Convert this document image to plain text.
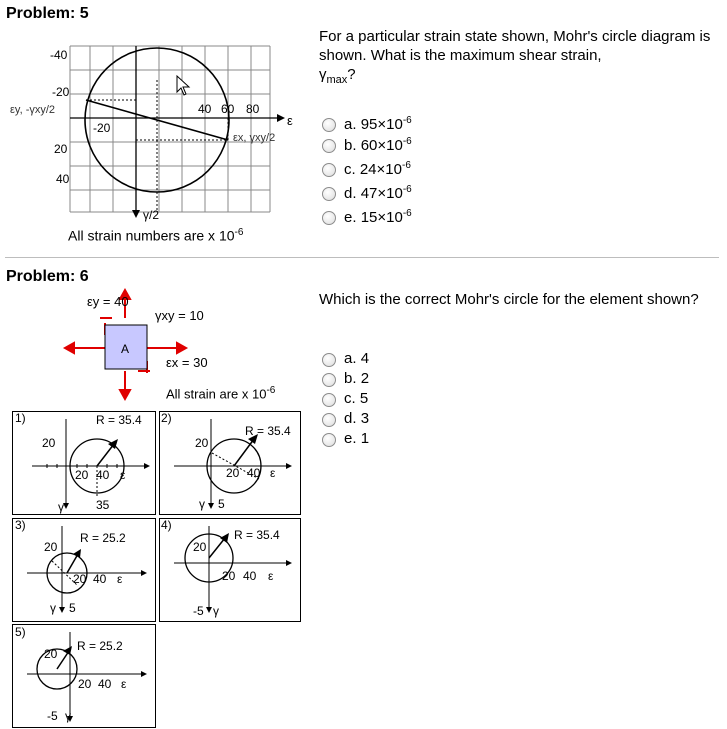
Problem: 5
-40
-20
20
40
-20
40 60 80
ε
εy, -γxy/2
εx, γxy/2
γ/2
All strain numbers are x $10^{-6}$
For a particular strain state shown, Mohr's circle diagram is shown. What is the maximum shear strain,
$\gamma_{max}$?
a. $95\times 10^{-6}$
b. $60\times 10^{-6}$
c. $24\times 10^{-6}$
d. $47\times 10^{-6}$
e. $15\times 10^{-6}$
Problem: 6
A
εy = 40
γxy = 10
εx = 30
All strain are x $10^{-6}$
Which is the correct Mohr's circle for the element shown?
a. 4
b. 2
c. 5
d. 3
e. 1
1)	R = 35.4
20
20 40 ε
γ	35
2)
R = 35.4
20
20 40 ε
γ 5
3)
R = 25.2
20
20 40 ε
γ 5
4)
R = 35.4
20
20 40 ε
γ
-5
5)
R = 25.2
20
20 40 ε
γ
-5
